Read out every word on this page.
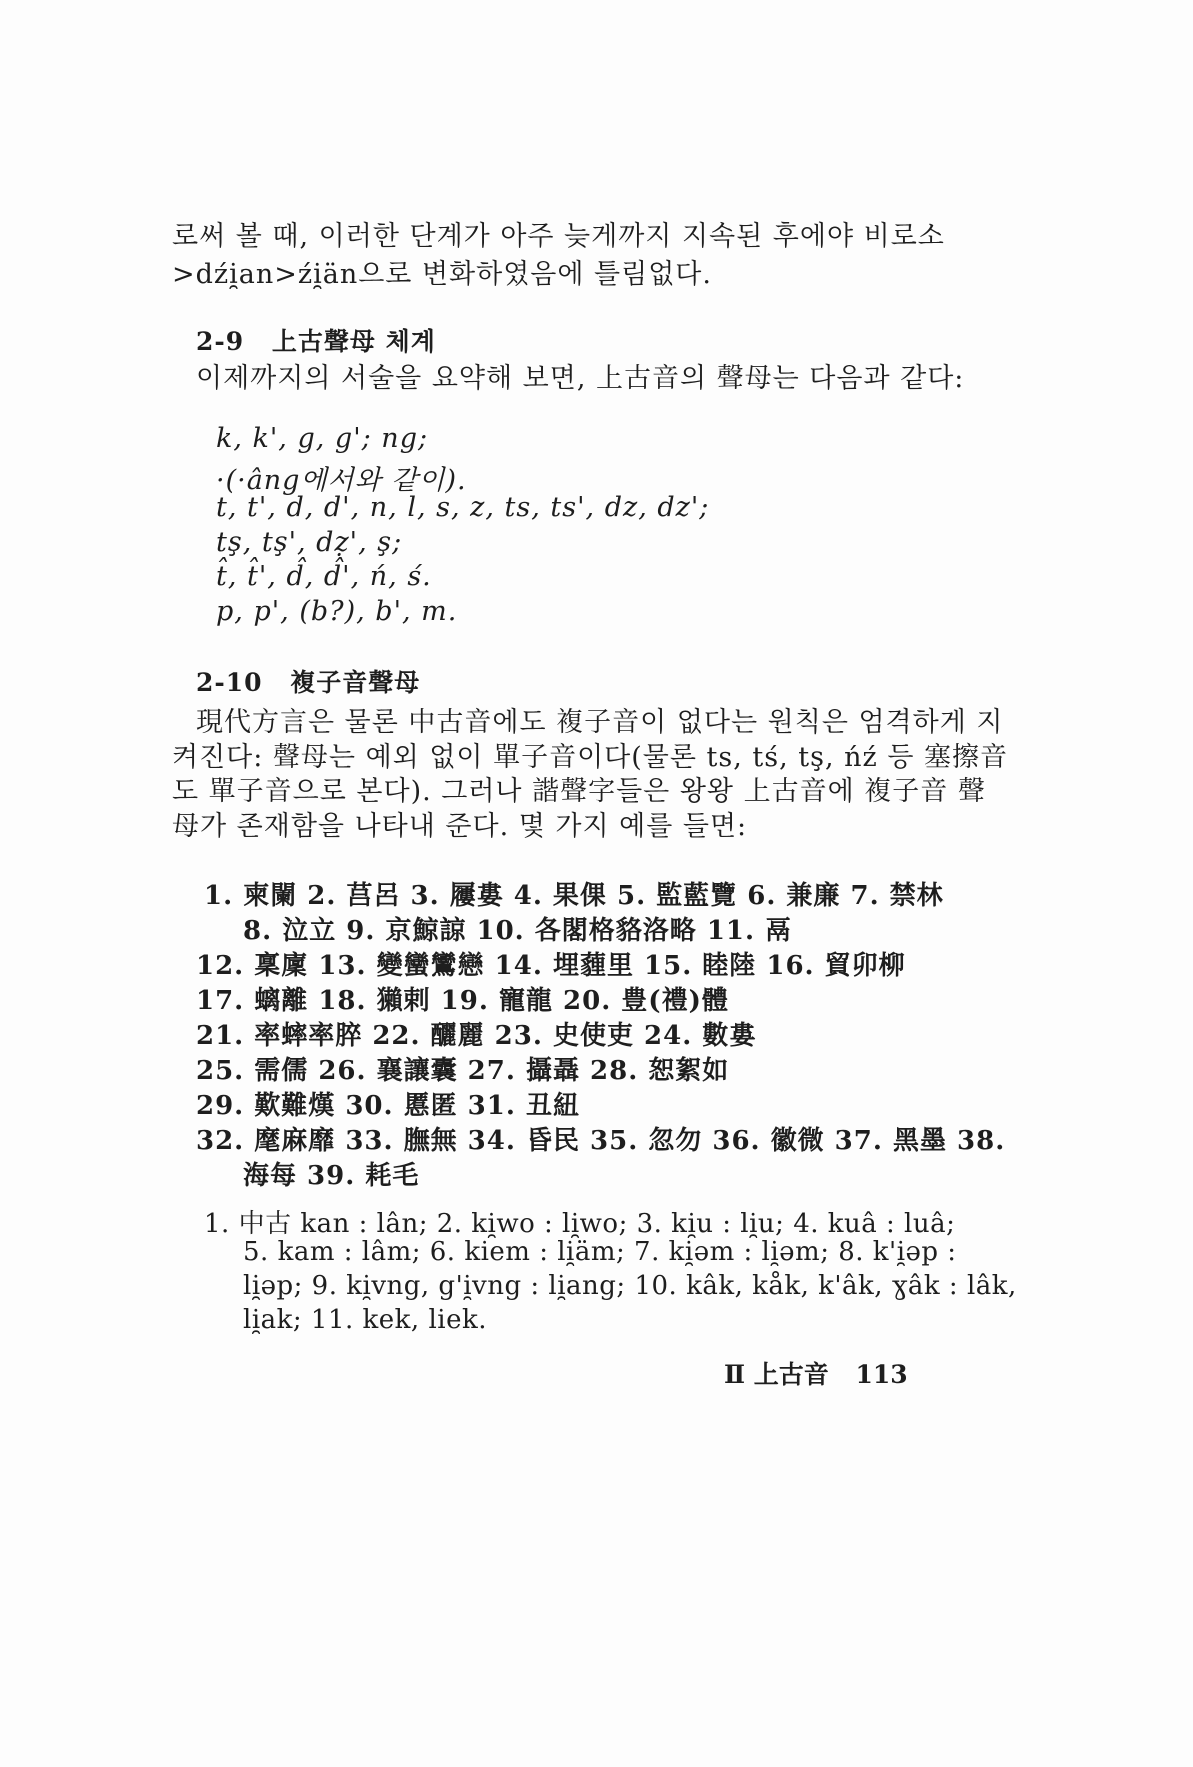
로써 볼 때, 이러한 단계가 아주 늦게까지 지속된 후에야 비로소
>dźi̯an>źi̯än으로 변화하였음에 틀림없다.
2-9 上古聲母 체계
이제까지의 서술을 요약해 보면, 上古音의 聲母는 다음과 같다:
k, k', g, g'; ng;
·(·âng에서와 같이).
t, t', d, d', n, l, s, z, ts, ts', dz, dz';
tş, tş', dẓ', ş;
t̂, t̂', d̂, d̂', ń, ś.
p, p', (b?), b', m.
2-10 複子音聲母
現代方言은 물론 中古音에도 複子音이 없다는 원칙은 엄격하게 지
켜진다: 聲母는 예외 없이 單子音이다(물론 ts, tś, tş, ńź 등 塞擦音
도 單子音으로 본다). 그러나 諧聲字들은 왕왕 上古音에 複子音 聲
母가 존재함을 나타내 준다. 몇 가지 예를 들면:
1. 柬闌 2. 莒呂 3. 屨婁 4. 果倮 5. 監藍覽 6. 兼廉 7. 禁林
8. 泣立 9. 京鯨諒 10. 各閣格貉洛略 11. 鬲
12. 稟廩 13. 變蠻鸞戀 14. 埋薶里 15. 睦陸 16. 貿卯柳
17. 螭離 18. 獺剌 19. 寵龍 20. 豊(禮)體
21. 率蟀率脺 22. 釃麗 23. 史使吏 24. 數婁
25. 需儒 26. 襄讓囊 27. 攝聶 28. 恕絮如
29. 歎難熯 30. 慝匿 31. 丑紐
32. 麾麻靡 33. 膴無 34. 昏民 35. 忽勿 36. 徽微 37. 黑墨 38.
海每 39. 耗毛
1. 中古 kan : lân; 2. ki̯wo : li̯wo; 3. ki̯u : li̯u; 4. kuâ : luâ;
5. kam : lâm; 6. kiem : li̯äm; 7. ki̯əm : li̯əm; 8. k'i̯əp :
li̯əp; 9. ki̯vng, g'i̯vng : li̯ang; 10. kâk, kåk, k'âk, ɣâk : lâk,
li̯ak; 11. kek, liek.
Ⅱ 上古音 113
